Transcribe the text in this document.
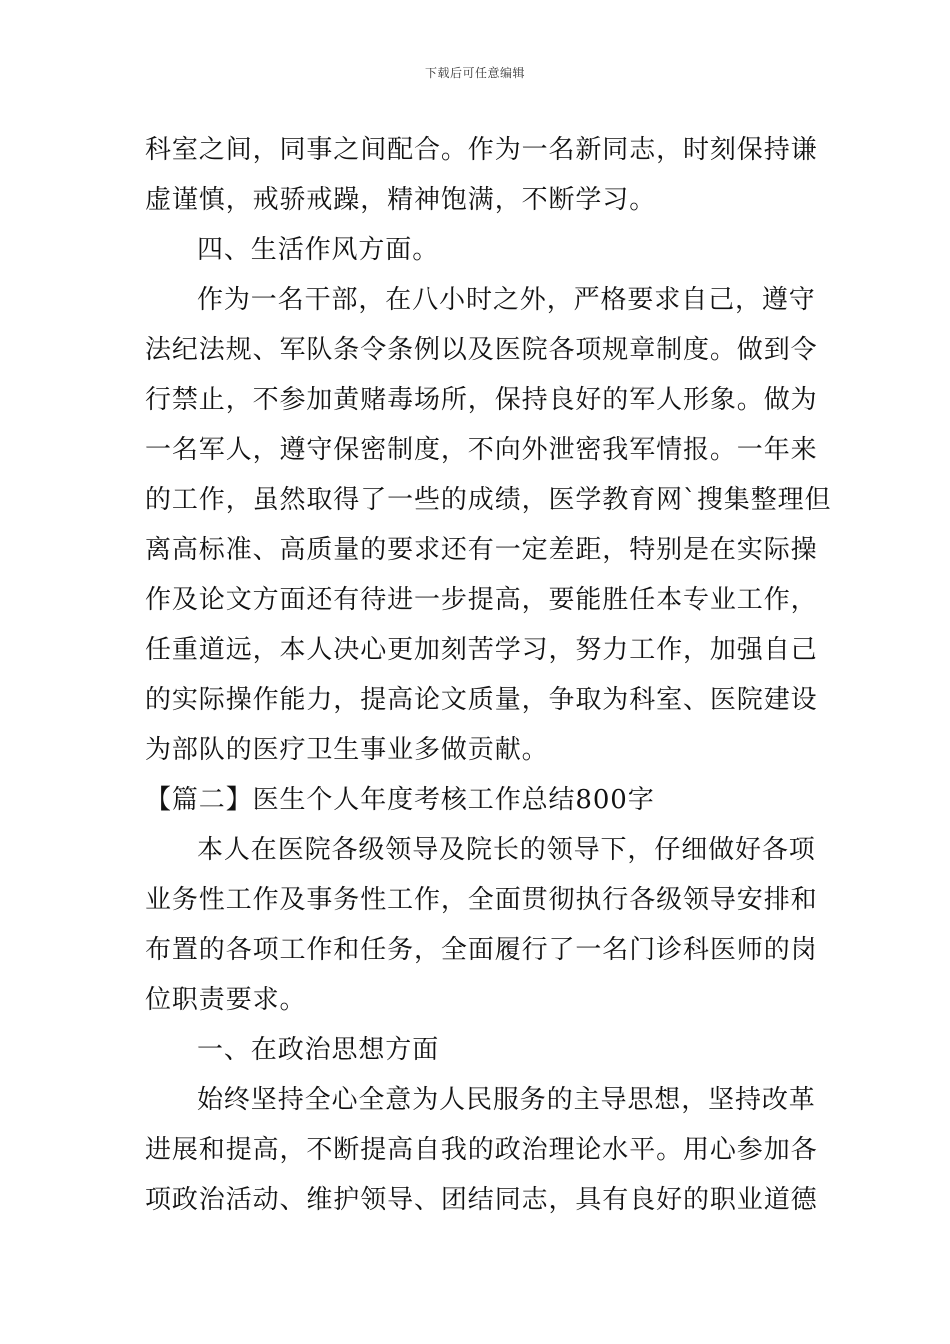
下载后可任意编辑
科室之间，同事之间配合。作为一名新同志，时刻保持谦
虚谨慎，戒骄戒躁，精神饱满，不断学习。
四、生活作风方面。
作为一名干部，在八小时之外，严格要求自己，遵守
法纪法规、军队条令条例以及医院各项规章制度。做到令
行禁止，不参加黄赌毒场所，保持良好的军人形象。做为
一名军人，遵守保密制度，不向外泄密我军情报。一年来
的工作，虽然取得了一些的成绩，医学教育网`搜集整理但
离高标准、高质量的要求还有一定差距，特别是在实际操
作及论文方面还有待进一步提高，要能胜任本专业工作，
任重道远，本人决心更加刻苦学习，努力工作，加强自己
的实际操作能力，提高论文质量，争取为科室、医院建设
为部队的医疗卫生事业多做贡献。
【篇二】医生个人年度考核工作总结800字
本人在医院各级领导及院长的领导下，仔细做好各项
业务性工作及事务性工作，全面贯彻执行各级领导安排和
布置的各项工作和任务，全面履行了一名门诊科医师的岗
位职责要求。
一、在政治思想方面
始终坚持全心全意为人民服务的主导思想，坚持改革
进展和提高，不断提高自我的政治理论水平。用心参加各
项政治活动、维护领导、团结同志，具有良好的职业道德
